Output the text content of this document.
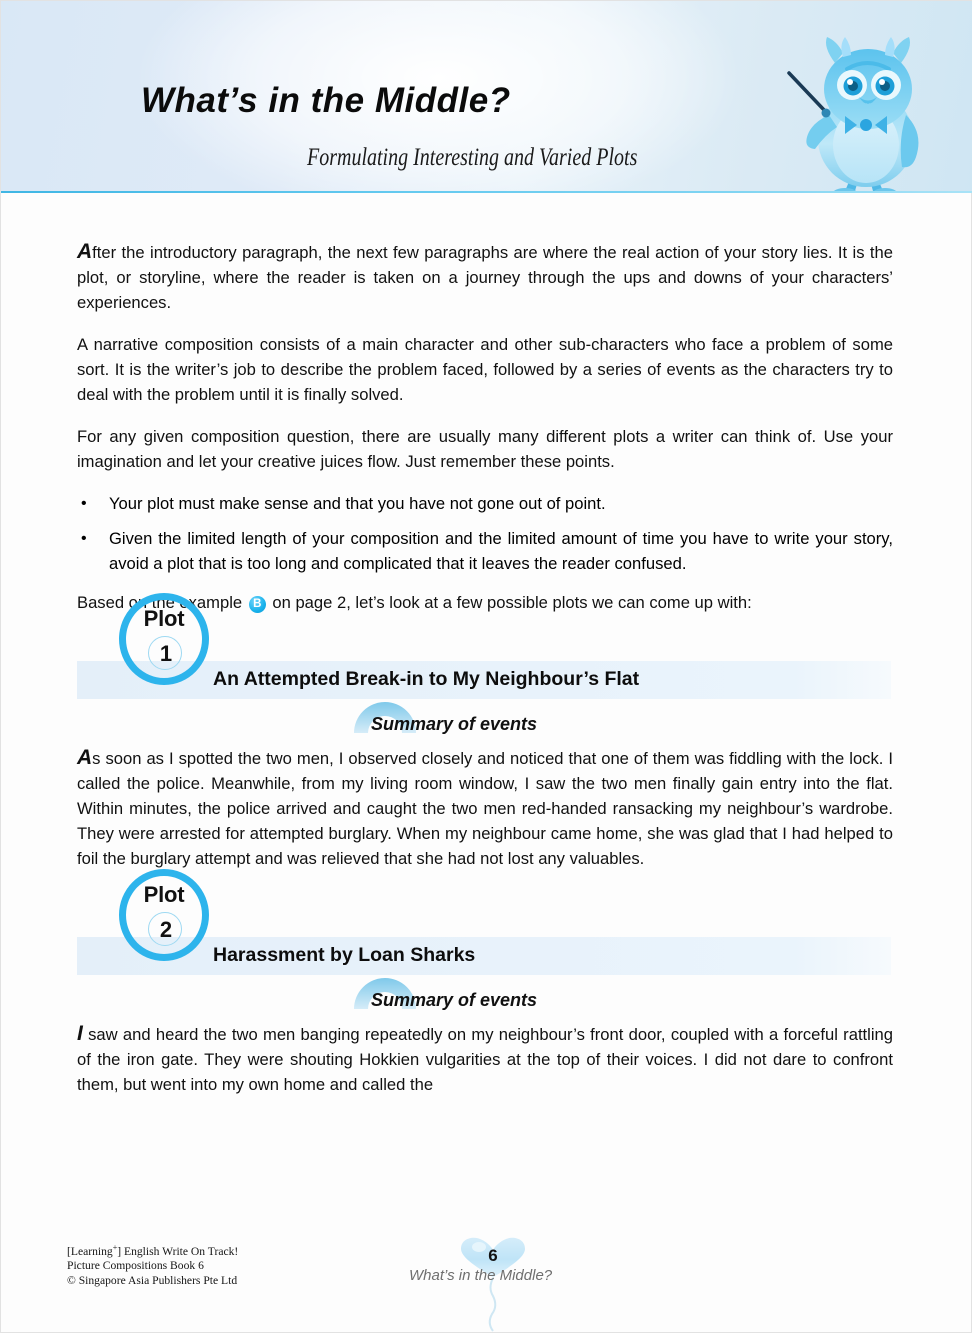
What’s in the Middle?
Formulating Interesting and Varied Plots

After the introductory paragraph, the next few paragraphs are where the real action of your story lies. It is the plot, or storyline, where the reader is taken on a journey through the ups and downs of your characters’ experiences.

A narrative composition consists of a main character and other sub-characters who face a problem of some sort. It is the writer’s job to describe the problem faced, followed by a series of events as the characters try to deal with the problem until it is finally solved.

For any given composition question, there are usually many different plots a writer can think of. Use your imagination and let your creative juices flow. Just remember these points.

• Your plot must make sense and that you have not gone out of point.
• Given the limited length of your composition and the limited amount of time you have to write your story, avoid a plot that is too long and complicated that it leaves the reader confused.

Based on the example B on page 2, let’s look at a few possible plots we can come up with:

An Attempted Break-in to My Neighbour’s Flat
Plot
1
Summary of events

As soon as I spotted the two men, I observed closely and noticed that one of them was fiddling with the lock. I called the police. Meanwhile, from my living room window, I saw the two men finally gain entry into the flat. Within minutes, the police arrived and caught the two men red-handed ransacking my neighbour’s wardrobe. They were arrested for attempted burglary. When my neighbour came home, she was glad that I had helped to foil the burglary attempt and was relieved that she had not lost any valuables.

Harassment by Loan Sharks
Plot
2
Summary of events

I saw and heard the two men banging repeatedly on my neighbour’s front door, coupled with a forceful rattling of the iron gate. They were shouting Hokkien vulgarities at the top of their voices. I did not dare to confront them, but went into my own home and called the

[Learning+] English Write On Track!
Picture Compositions Book 6
© Singapore Asia Publishers Pte Ltd
6
What’s in the Middle?
